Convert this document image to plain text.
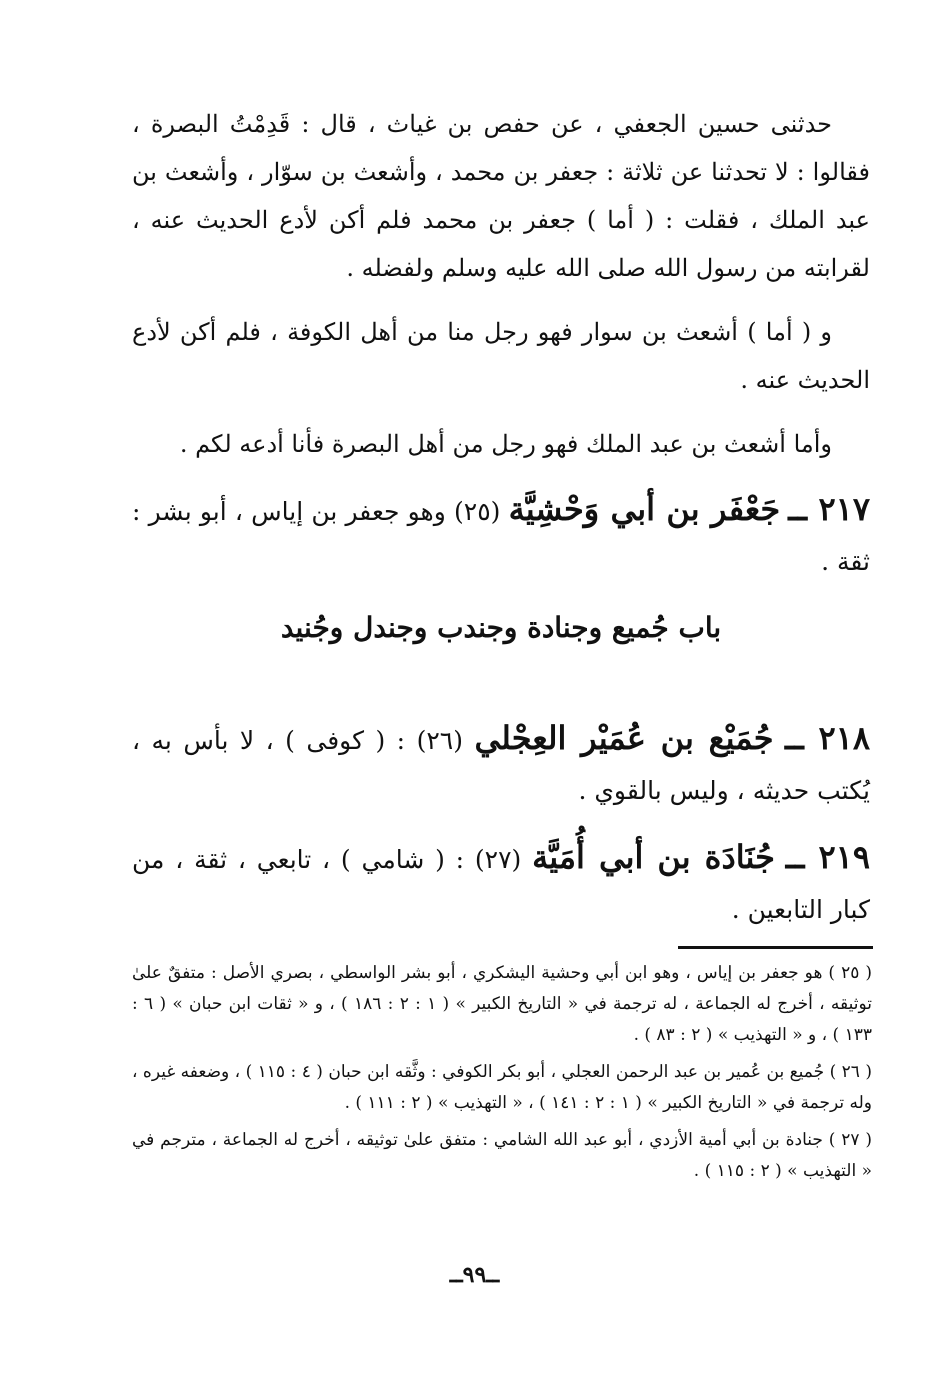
حدثنى حسين الجعفي ، عن حفص بن غياث ، قال : قَدِمْتُ البصرة ، فقالوا : لا تحدثنا عن ثلاثة : جعفر بن محمد ، وأشعث بن سوّار ، وأشعث بن عبد الملك ، فقلت : ( أما ) جعفر بن محمد فلم أكن لأدع الحديث عنه ، لقرابته من رسول الله صلى الله عليه وسلم ولفضله .

و ( أما ) أشعث بن سوار فهو رجل منا من أهل الكوفة ، فلم أكن لأدع الحديث عنه .

وأما أشعث بن عبد الملك فهو رجل من أهل البصرة فأنا أدعه لكم .

٢١٧ ــ جَعْفَر بن أبي وَحْشِيَّة (٢٥) وهو جعفر بن إياس ، أبو بشر : ثقة .

باب جُميع وجنادة وجندب وجندل وجُنيد

٢١٨ ــ جُمَيْع بن عُمَيْر العِجْلي (٢٦) : ( كوفى ) ، لا بأس به ، يُكتب حديثه ، وليس بالقوي .

٢١٩ ــ جُنَادَة بن أبي أُمَيَّة (٢٧) : ( شامي ) ، تابعي ، ثقة ، من كبار التابعين .

( ٢٥ ) هو جعفر بن إياس ، وهو ابن أبي وحشية اليشكري ، أبو بشر الواسطي ، بصري الأصل : متفقٌ علىٰ توثيقه ، أخرج له الجماعة ، له ترجمة في « التاريخ الكبير » ( ١ : ٢ : ١٨٦ ) ، و « ثقات ابن حبان » ( ٦ : ١٣٣ ) ، و « التهذيب » ( ٢ : ٨٣ ) .

( ٢٦ ) جُميع بن عُمير بن عبد الرحمن العجلي ، أبو بكر الكوفي : وثَّقه ابن حبان ( ٤ : ١١٥ ) ، وضعفه غيره ، وله ترجمة في « التاريخ الكبير » ( ١ : ٢ : ١٤١ ) ، « التهذيب » ( ٢ : ١١١ ) .

( ٢٧ ) جنادة بن أبي أمية الأزدي ، أبو عبد الله الشامي : متفق علىٰ توثيقه ، أخرج له الجماعة ، مترجم في « التهذيب » ( ٢ : ١١٥ ) .

ــ٩٩ــ
